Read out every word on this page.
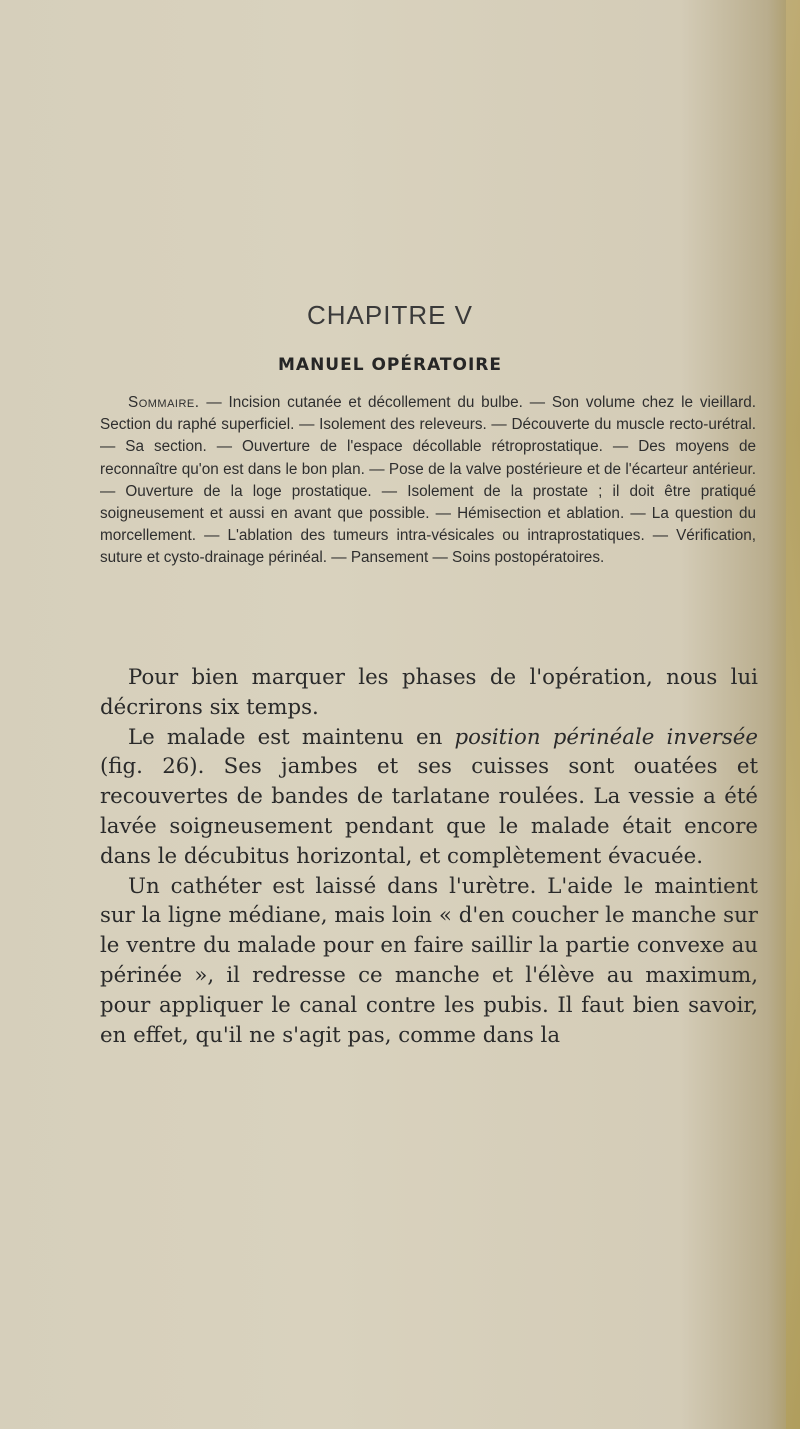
CHAPITRE V
MANUEL OPÉRATOIRE

Sommaire. — Incision cutanée et décollement du bulbe. — Son volume chez le vieillard. Section du raphé superficiel. — Isolement des releveurs. — Découverte du muscle recto-urétral. — Sa section. — Ouverture de l'espace décollable rétroprostatique. — Des moyens de reconnaître qu'on est dans le bon plan. — Pose de la valve postérieure et de l'écarteur antérieur. — Ouverture de la loge prostatique. — Isolement de la prostate ; il doit être pratiqué soigneusement et aussi en avant que possible. — Hémisection et ablation. — La question du morcellement. — L'ablation des tumeurs intra-vésicales ou intraprostatiques. — Vérification, suture et cysto-drainage périnéal. — Pansement — Soins postopératoires.

Pour bien marquer les phases de l'opération, nous lui décrirons six temps.

Le malade est maintenu en position périnéale inversée (fig. 26). Ses jambes et ses cuisses sont ouatées et recouvertes de bandes de tarlatane roulées. La vessie a été lavée soigneusement pendant que le malade était encore dans le décubitus horizontal, et complètement évacuée.

Un cathéter est laissé dans l'urètre. L'aide le maintient sur la ligne médiane, mais loin « d'en coucher le manche sur le ventre du malade pour en faire saillir la partie convexe au périnée », il redresse ce manche et l'élève au maximum, pour appliquer le canal contre les pubis. Il faut bien savoir, en effet, qu'il ne s'agit pas, comme dans la
